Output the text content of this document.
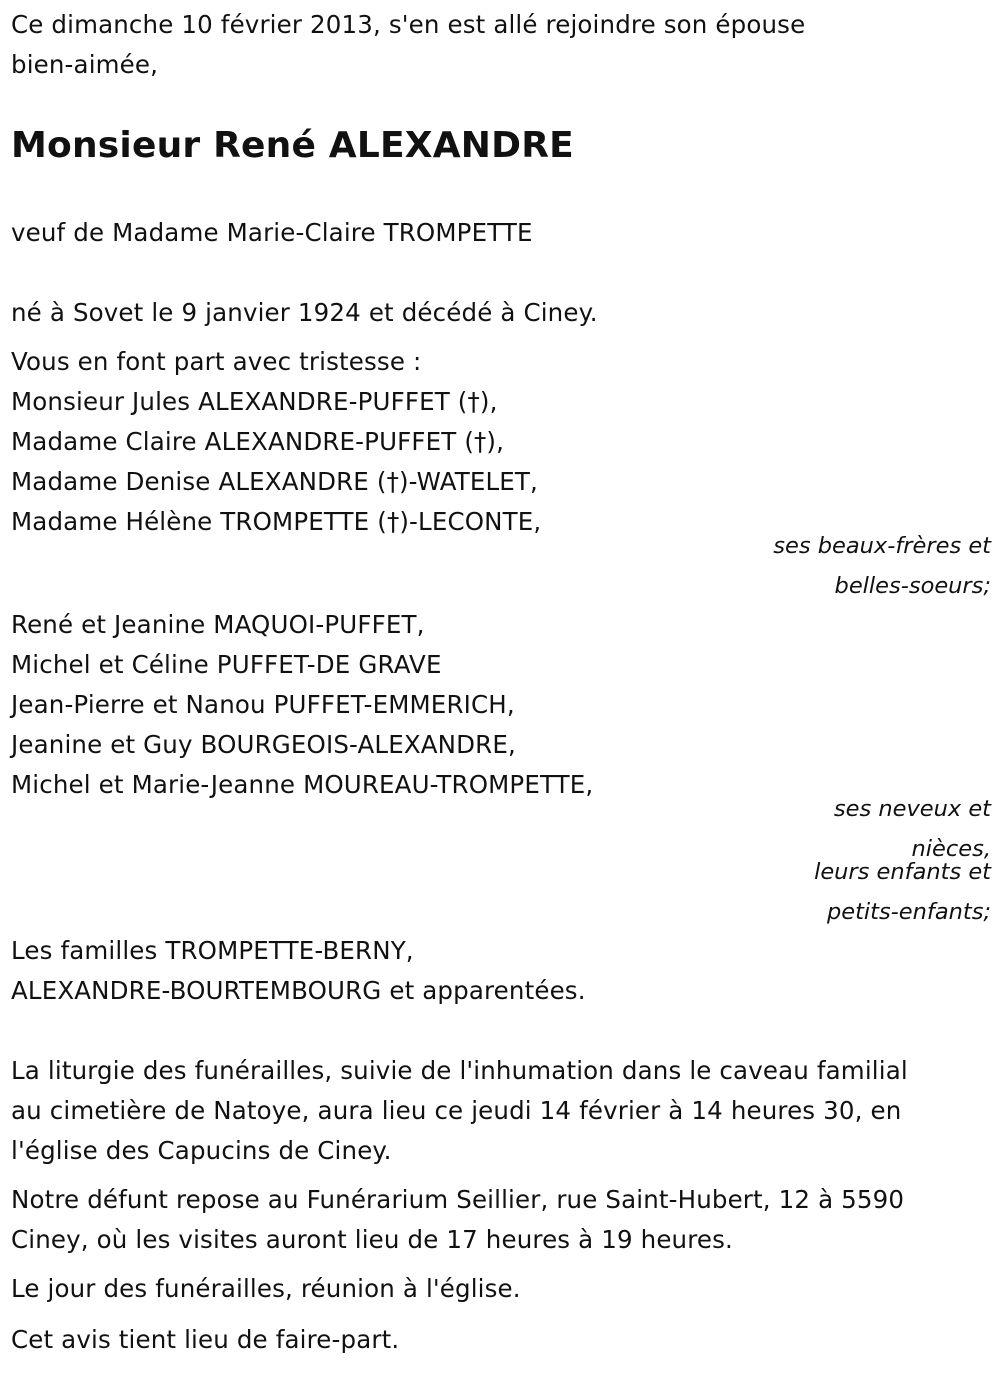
Ce dimanche 10 février 2013, s'en est allé rejoindre son épouse
bien-aimée,
Monsieur René ALEXANDRE
veuf de Madame Marie-Claire TROMPETTE
né à Sovet le 9 janvier 1924 et décédé à Ciney.
Vous en font part avec tristesse :
Monsieur Jules ALEXANDRE-PUFFET (†),
Madame Claire ALEXANDRE-PUFFET (†),
Madame Denise ALEXANDRE (†)-WATELET,
Madame Hélène TROMPETTE (†)-LECONTE,
ses beaux-frères et
belles-soeurs;
René et Jeanine MAQUOI-PUFFET,
Michel et Céline PUFFET-DE GRAVE
Jean-Pierre et Nanou PUFFET-EMMERICH,
Jeanine et Guy BOURGEOIS-ALEXANDRE,
Michel et Marie-Jeanne MOUREAU-TROMPETTE,
ses neveux et
nièces,
leurs enfants et
petits-enfants;
Les familles TROMPETTE-BERNY,
ALEXANDRE-BOURTEMBOURG et apparentées.
La liturgie des funérailles, suivie de l'inhumation dans le caveau familial
au cimetière de Natoye, aura lieu ce jeudi 14 février à 14 heures 30, en
l'église des Capucins de Ciney.
Notre défunt repose au Funérarium Seillier, rue Saint-Hubert, 12 à 5590
Ciney, où les visites auront lieu de 17 heures à 19 heures.
Le jour des funérailles, réunion à l'église.
Cet avis tient lieu de faire-part.
